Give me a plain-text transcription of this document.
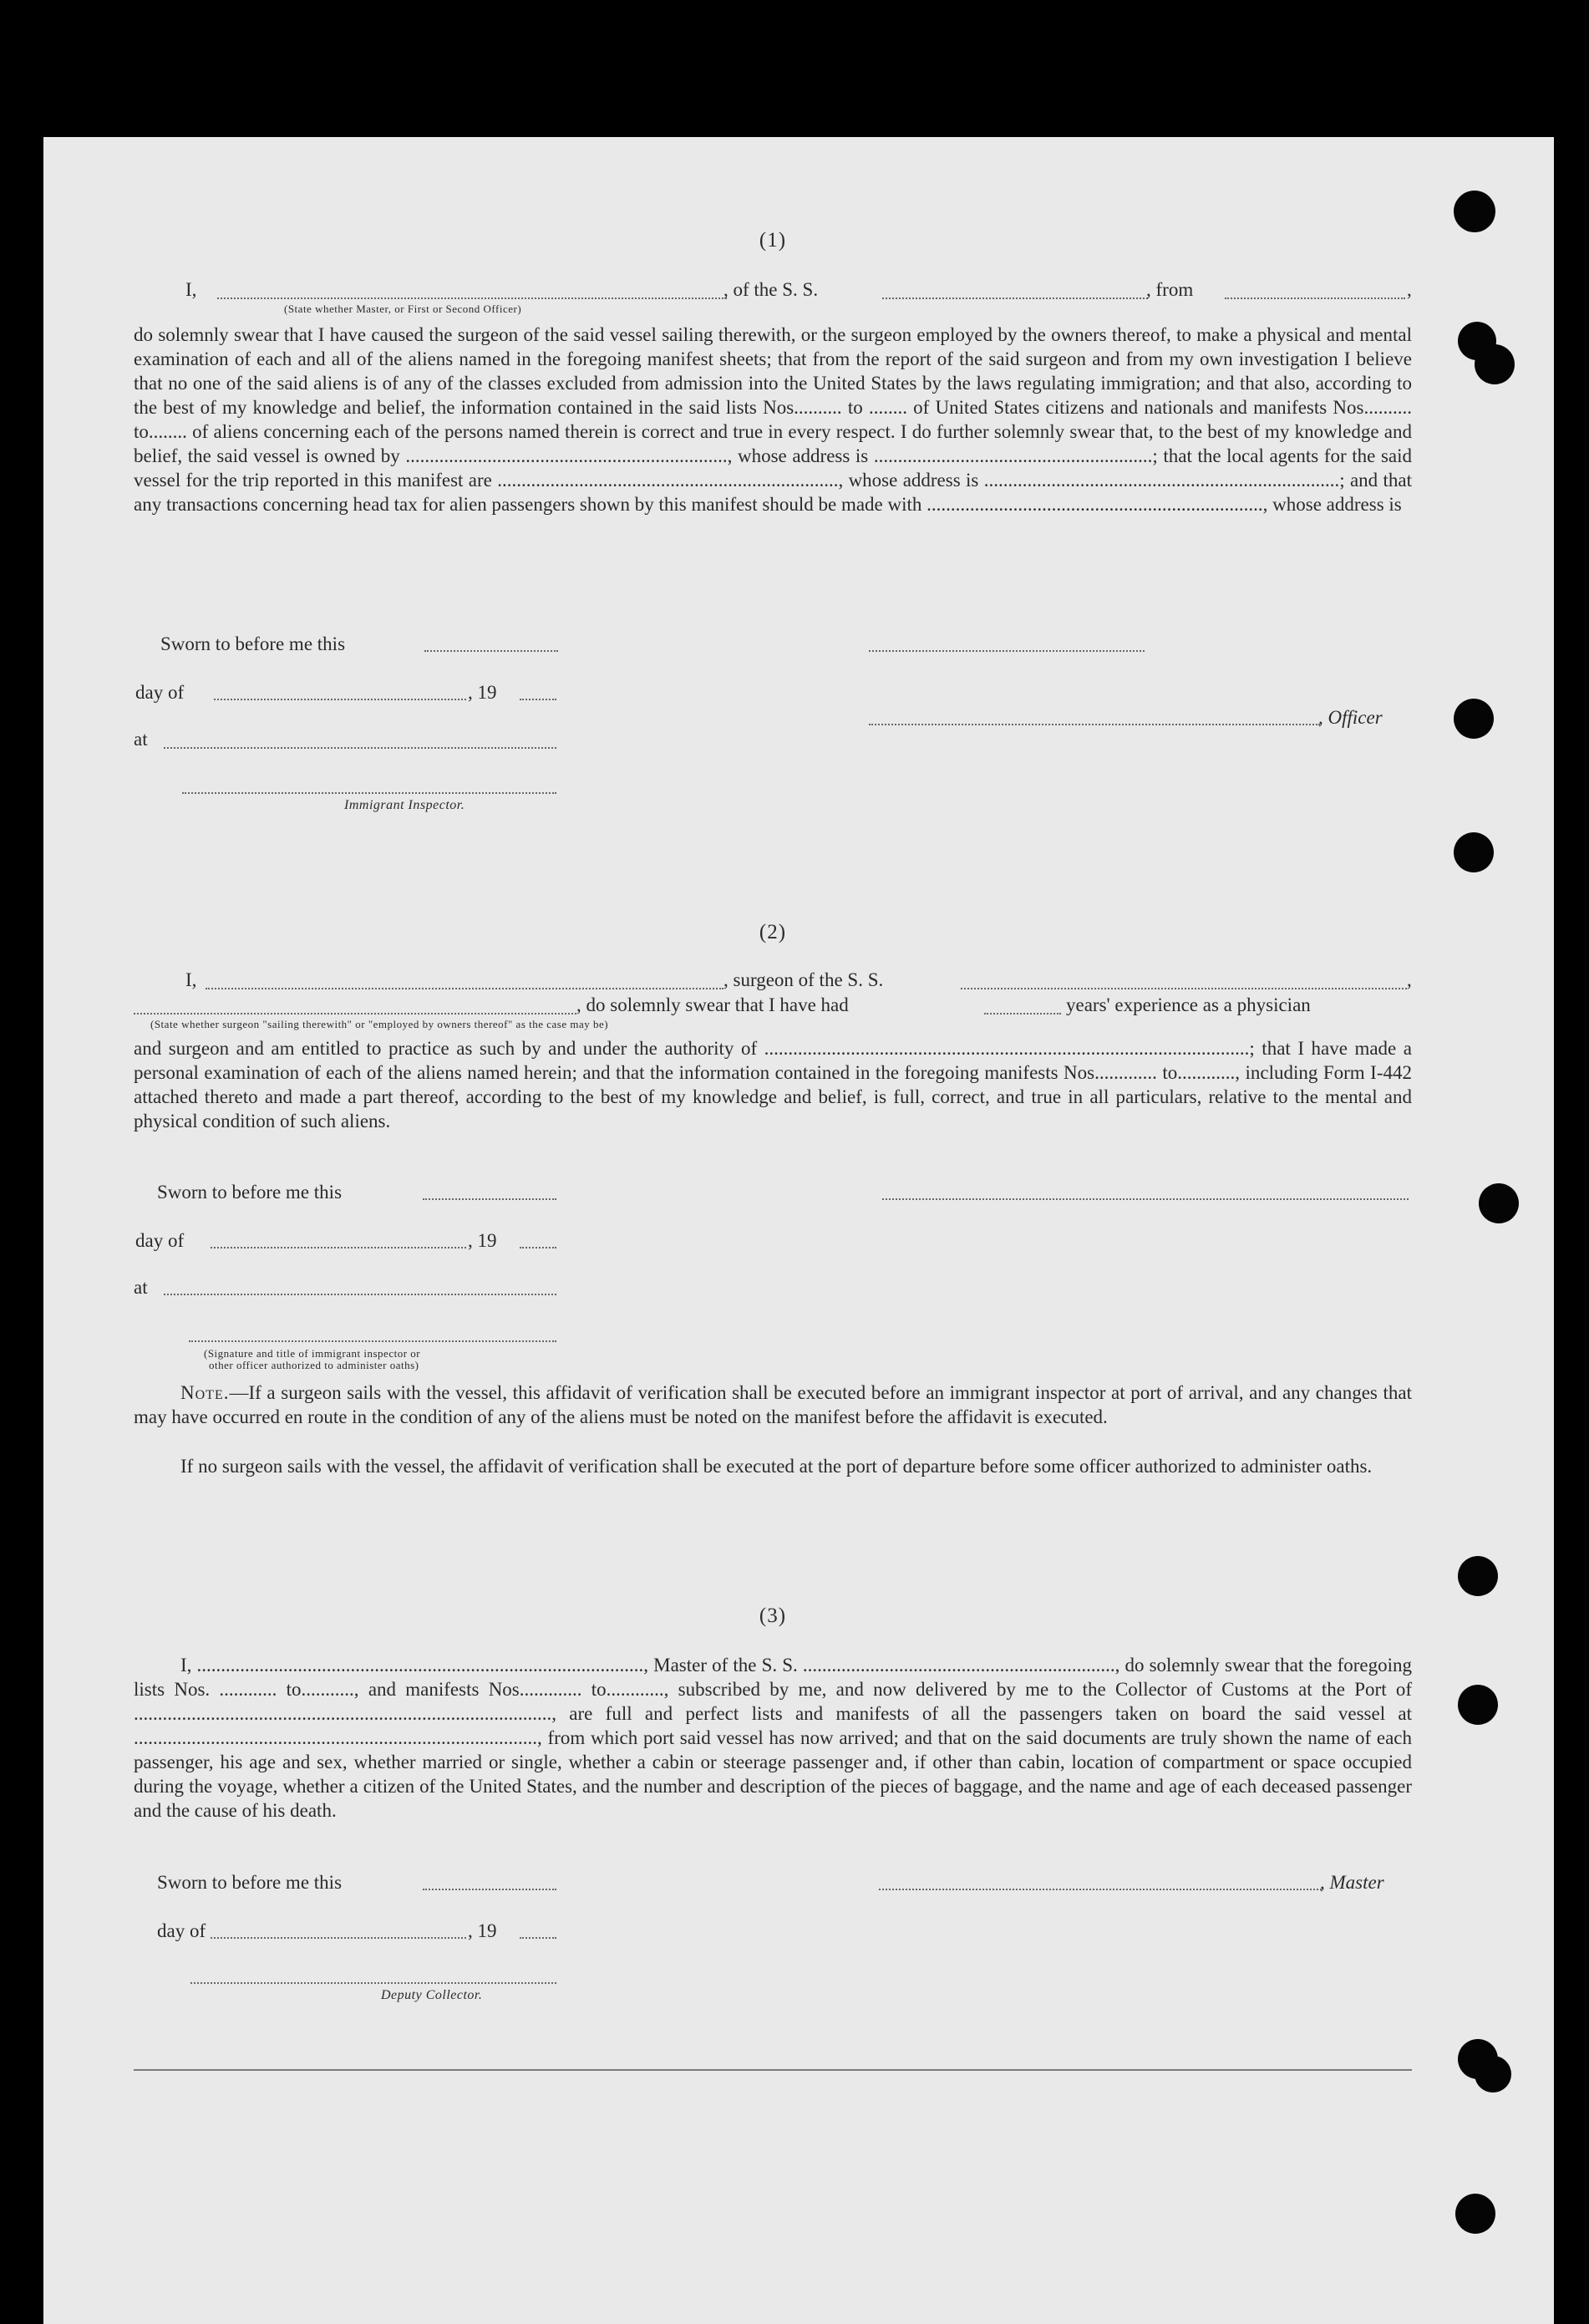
(1)
I,	, of the S. S.	, from	,
(State whether Master, or First or Second Officer)

do solemnly swear that I have caused the surgeon of the said vessel sailing therewith, or the surgeon employed by the owners thereof, to make a physical and mental examination of each and all of the aliens named in the foregoing manifest sheets; that from the report of the said surgeon and from my own investigation I believe that no one of the said aliens is of any of the classes excluded from admission into the United States by the laws regulating immigration; and that also, according to the best of my knowledge and belief, the information contained in the said lists Nos.......... to ........ of United States citizens and nationals and manifests Nos.......... to........ of aliens concerning each of the persons named therein is correct and true in every respect. I do further solemnly swear that, to the best of my knowledge and belief, the said vessel is owned by ..................................................................., whose address is ..........................................................; that the local agents for the said vessel for the trip reported in this manifest are ......................................................................., whose address is ..........................................................................; and that any transactions concerning head tax for alien passengers shown by this manifest should be made with ......................................................................, whose address is

Sworn to before me this
day of	, 19
at
, Officer
Immigrant Inspector.
(2)
I,	, surgeon of the S. S.	,
, do solemnly swear that I have had	years' experience as a physician
(State whether surgeon "sailing therewith" or "employed by owners thereof" as the case may be)

and surgeon and am entitled to practice as such by and under the authority of .....................................................................................................; that I have made a personal examination of each of the aliens named herein; and that the information contained in the foregoing manifests Nos............. to............, including Form I-442 attached thereto and made a part thereof, according to the best of my knowledge and belief, is full, correct, and true in all particulars, relative to the mental and physical condition of such aliens.

Sworn to before me this
day of	, 19
at
(Signature and title of immigrant inspector or
other officer authorized to administer oaths)

Note.—If a surgeon sails with the vessel, this affidavit of verification shall be executed before an immigrant inspector at port of arrival, and any changes that may have occurred en route in the condition of any of the aliens must be noted on the manifest before the affidavit is executed.

If no surgeon sails with the vessel, the affidavit of verification shall be executed at the port of departure before some officer authorized to administer oaths.

(3)

I, ............................................................................................., Master of the S. S. ................................................................., do solemnly swear that the foregoing lists Nos. ............ to..........., and manifests Nos............. to............, subscribed by me, and now delivered by me to the Collector of Customs at the Port of ......................................................................................., are full and perfect lists and manifests of all the passengers taken on board the said vessel at ...................................................................................., from which port said vessel has now arrived; and that on the said documents are truly shown the name of each passenger, his age and sex, whether married or single, whether a cabin or steerage passenger and, if other than cabin, location of compartment or space occupied during the voyage, whether a citizen of the United States, and the number and description of the pieces of baggage, and the name and age of each deceased passenger and the cause of his death.

Sworn to before me this	, Master
day of	, 19
Deputy Collector.
